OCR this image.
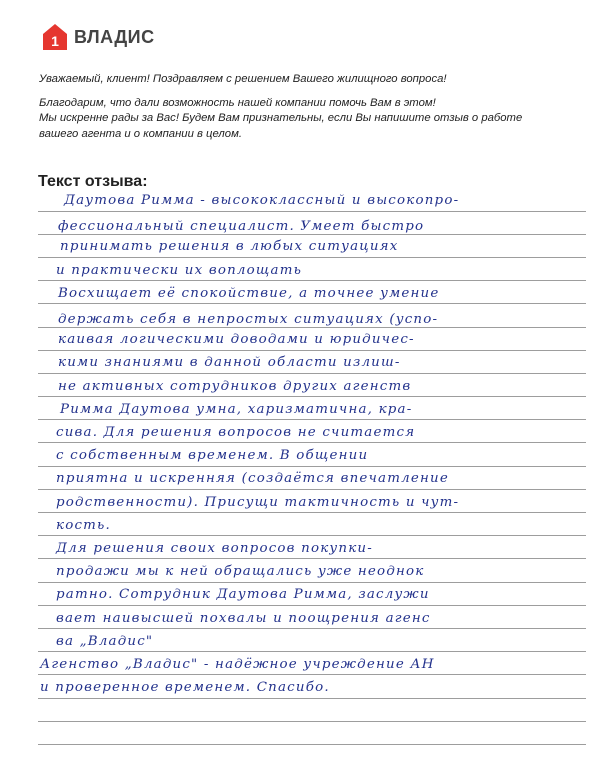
1 ВЛАДИС

Уважаемый, клиент! Поздравляем с решением Вашего жилищного вопроса!

Благодарим, что дали возможность нашей компании помочь Вам в этом!

Мы искренне рады за Вас! Будем Вам признательны, если Вы напишите отзыв о работе

вашего агента и о компании в целом.

Текст отзыва:
Даутова Римма - высококласcный и высокопро-
фессиональный специалист. Умеет быстро
принимать решения в любых ситуациях
и практически их воплощать
Восхищает её спокойствие, а точнее умение
держать себя в непростых ситуациях (успо-
каивая логическими доводами и юридичес-
кими знаниями в данной области излиш-
не активных сотрудников других агенств
Римма Даутова умна, харизматична, кра-
сива. Для решения вопросов не считается
с собственным временем. В общении
приятна и искренняя (создаётся впечатление
родственности). Присущи тактичность и чут-
кость.
Для решения своих вопросов покупки-
продажи мы к ней обращались уже неоднок
ратно. Сотрудник Даутова Римма, заслужи
вает наивысшей похвалы и поощрения агенс
ва „Владис"
Агенство „Владис" - надёжное учреждение АН
и проверенное временем. Спасибо.
